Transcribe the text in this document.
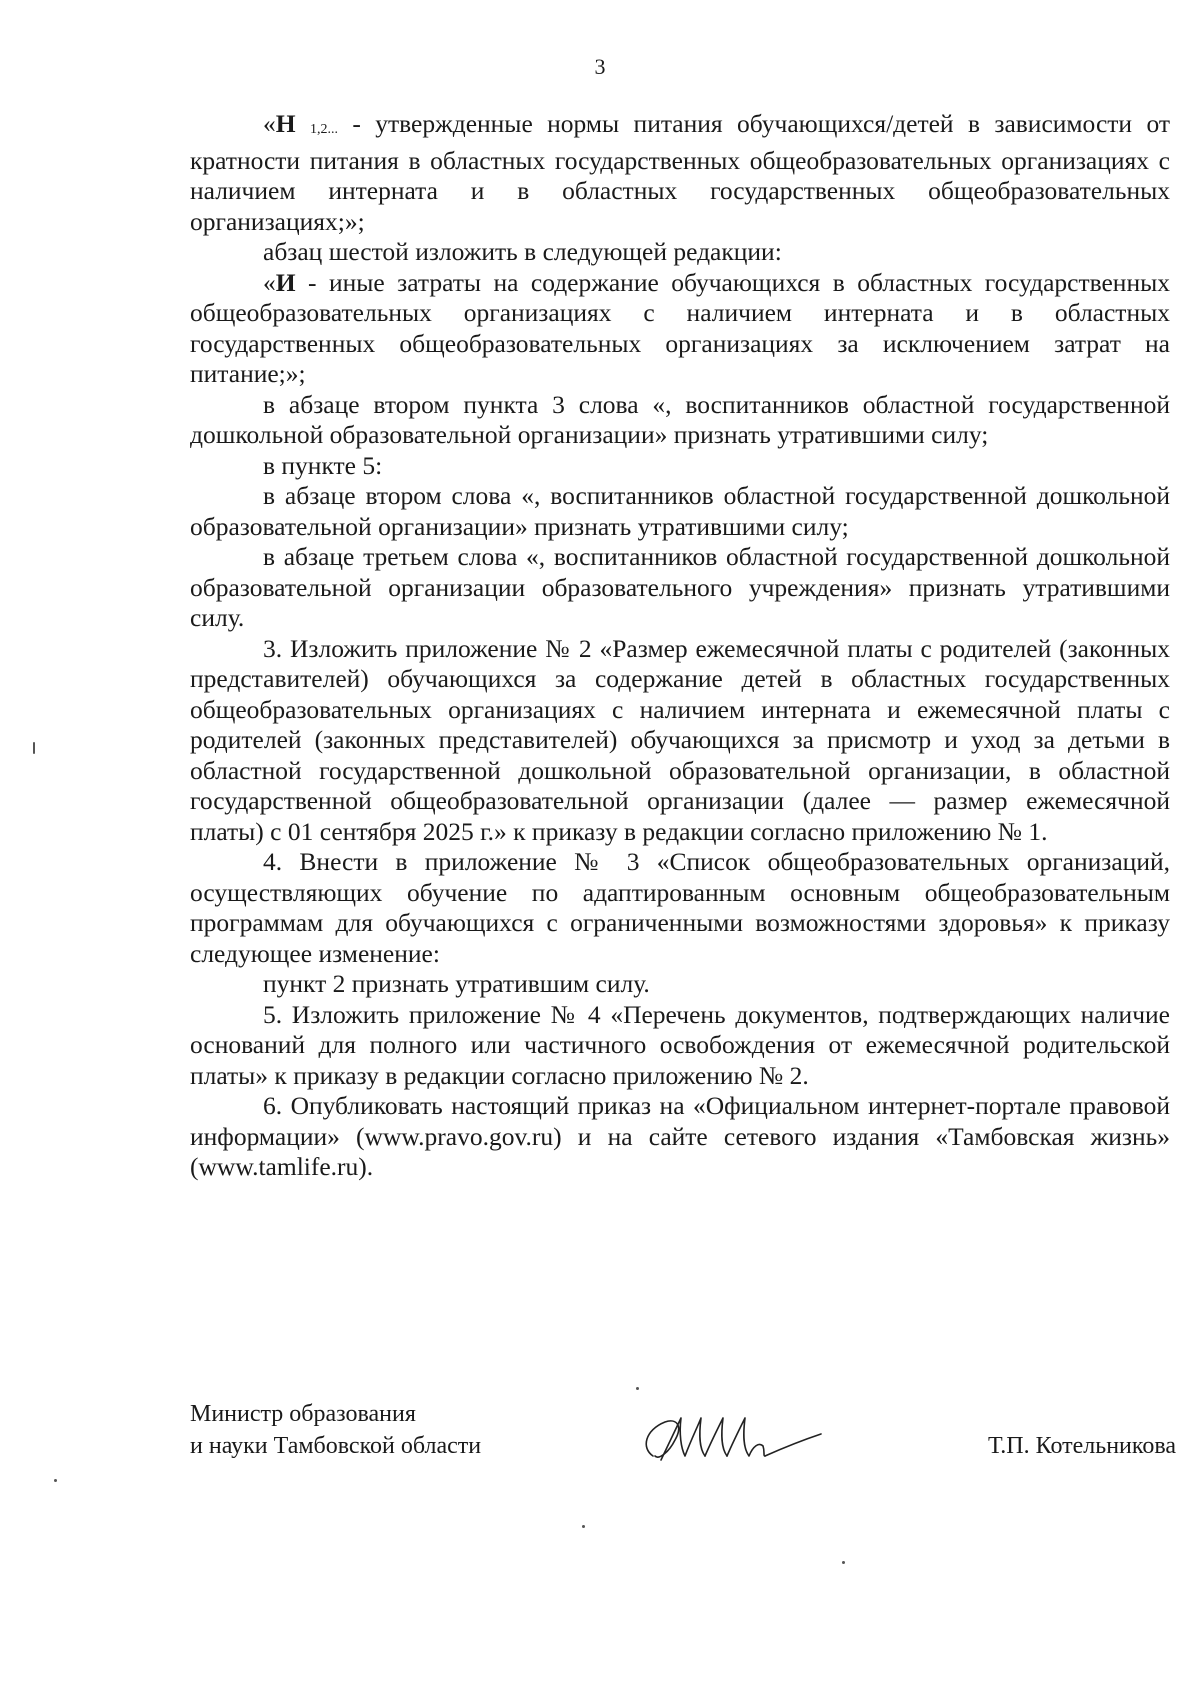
3

«Н 1,2... - утвержденные нормы питания обучающихся/детей в зависимости от кратности питания в областных государственных общеобразовательных организациях с наличием интерната и в областных государственных общеобразовательных организациях;»;

абзац шестой изложить в следующей редакции:

«И - иные затраты на содержание обучающихся в областных государственных общеобразовательных организациях с наличием интерната и в областных государственных общеобразовательных организациях за исключением затрат на питание;»;

в абзаце втором пункта 3 слова «, воспитанников областной государственной дошкольной образовательной организации» признать утратившими силу;

в пункте 5:

в абзаце втором слова «, воспитанников областной государственной дошкольной образовательной организации» признать утратившими силу;

в абзаце третьем слова «, воспитанников областной государственной дошкольной образовательной организации образовательного учреждения» признать утратившими силу.

3. Изложить приложение № 2 «Размер ежемесячной платы с родителей (законных представителей) обучающихся за содержание детей в областных государственных общеобразовательных организациях с наличием интерната и ежемесячной платы с родителей (законных представителей) обучающихся за присмотр и уход за детьми в областной государственной дошкольной образовательной организации, в областной государственной общеобразовательной организации (далее — размер ежемесячной платы) с 01 сентября 2025 г.» к приказу в редакции согласно приложению № 1.

4. Внести в приложение № 3 «Список общеобразовательных организаций, осуществляющих обучение по адаптированным основным общеобразовательным программам для обучающихся с ограниченными возможностями здоровья» к приказу следующее изменение:

пункт 2 признать утратившим силу.

5. Изложить приложение № 4 «Перечень документов, подтверждающих наличие оснований для полного или частичного освобождения от ежемесячной родительской платы» к приказу в редакции согласно приложению № 2.

6. Опубликовать настоящий приказ на «Официальном интернет-портале правовой информации» (www.pravo.gov.ru) и на сайте сетевого издания «Тамбовская жизнь» (www.tamlife.ru).

Министр образования
и науки Тамбовской области	Т.П. Котельникова
